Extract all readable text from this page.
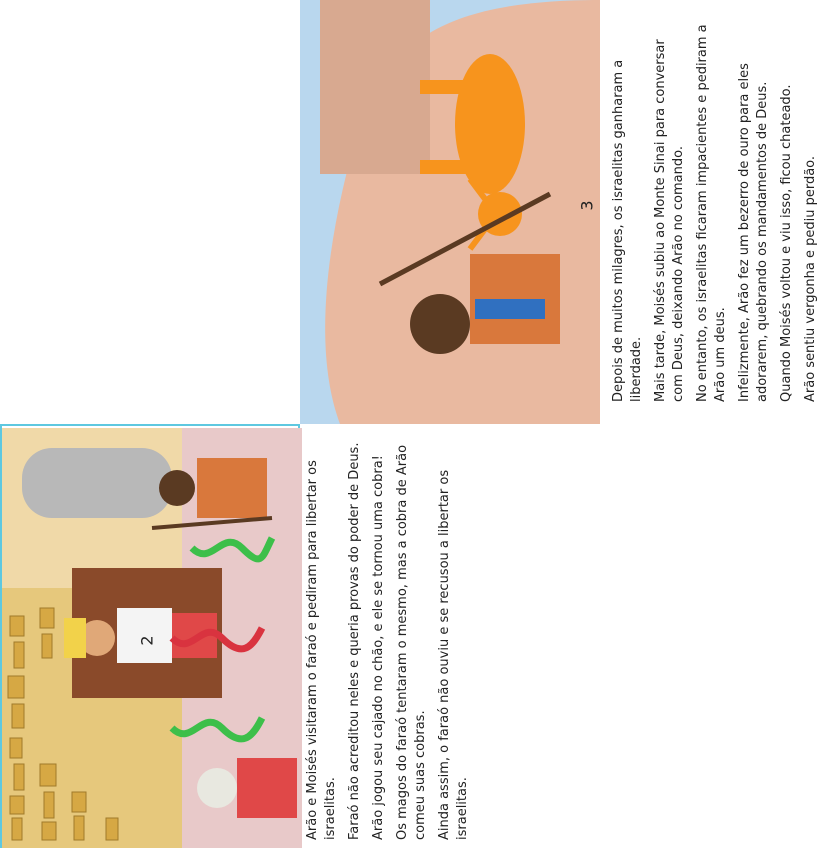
Arão e Moisés visitaram o faraó e pediram para libertar os israelitas. Faraó não acreditou neles e queria provas do poder de Deus. Arão jogou seu cajado no chão, e ele se tornou uma cobra! Os magos do faraó tentaram o mesmo, mas a cobra de Arão comeu suas cobras. Ainda assim, o faraó não ouviu e se recusou a libertar os israelitas.

2

Depois de muitos milagres, os israelitas ganharam a liberdade. Mais tarde, Moisés subiu ao Monte Sinai para conversar com Deus, deixando Arão no comando. No entanto, os israelitas ficaram impacientes e pediram a Arão um deus. Infelizmente, Arão fez um bezerro de ouro para eles adorarem, quebrando os mandamentos de Deus. Quando Moisés voltou e viu isso, ficou chateado. Arão sentiu vergonha e pediu perdão.

3
